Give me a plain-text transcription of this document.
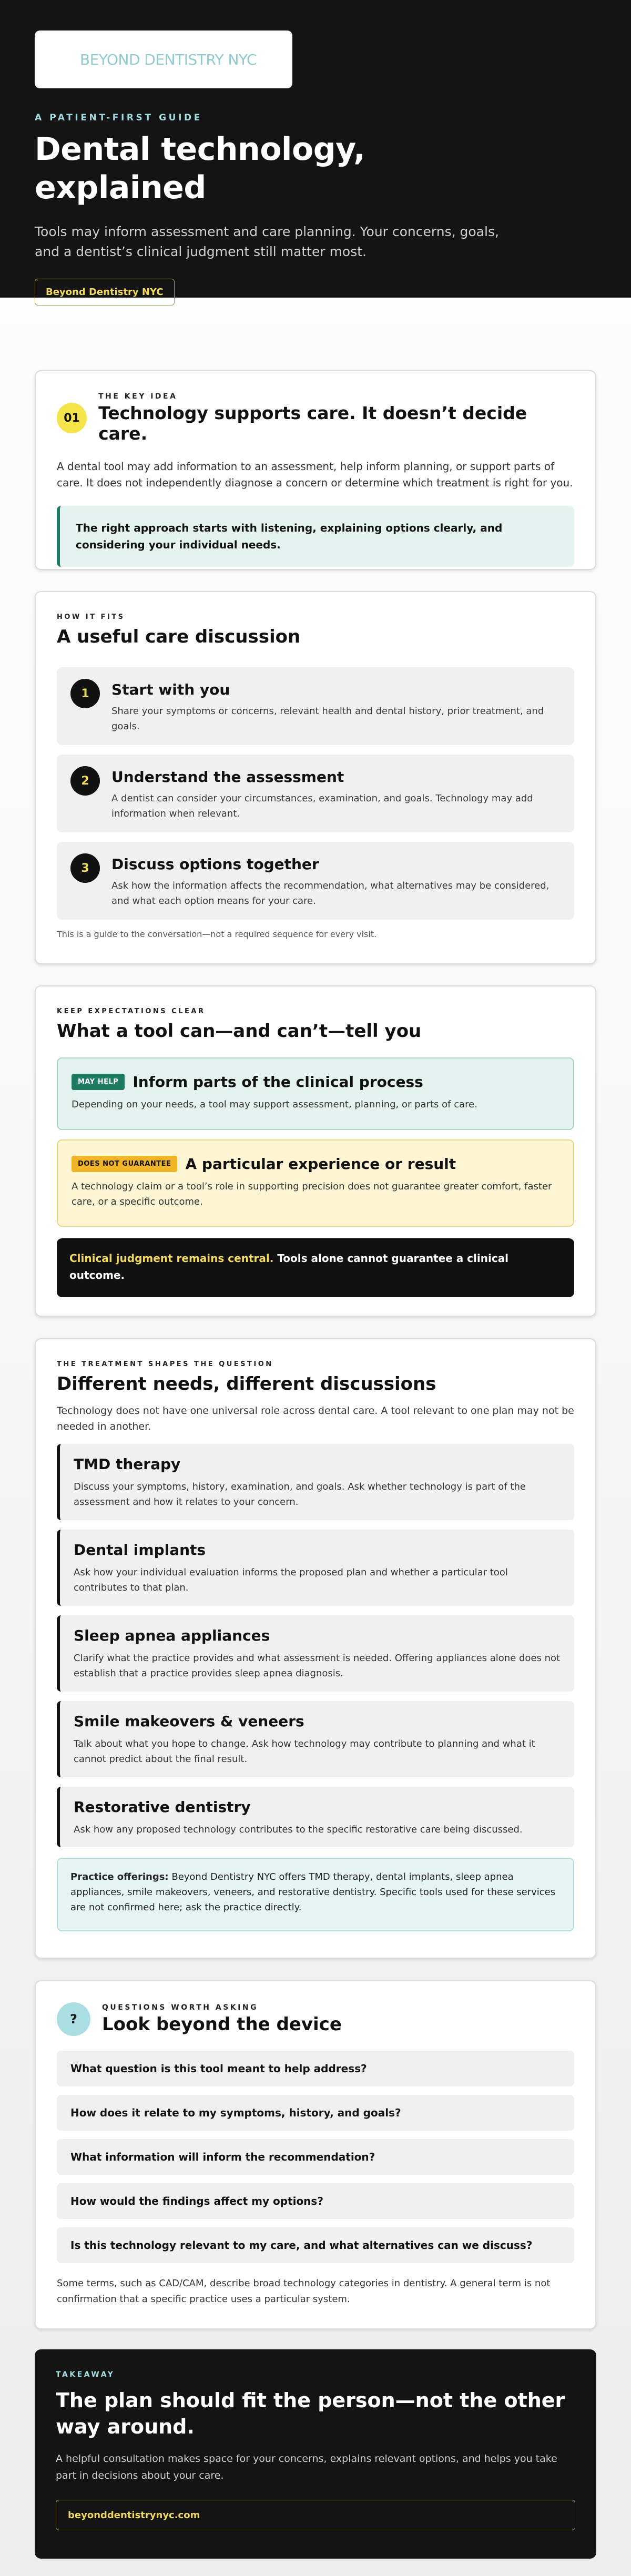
BEYOND DENTISTRY NYC
A PATIENT-FIRST GUIDE
Dental technology,
explained

Tools may inform assessment and care planning. Your concerns, goals, and a dentist’s clinical judgment still matter most.

Beyond Dentistry NYC
01
THE KEY IDEA
Technology supports care. It doesn’t decide care.

A dental tool may add information to an assessment, help inform planning, or support parts of care. It does not independently diagnose a concern or determine which treatment is right for you.

The right approach starts with listening, explaining options clearly, and considering your individual needs.
HOW IT FITS
A useful care discussion
1	Start with you
Share your symptoms or concerns, relevant health and dental history, prior treatment, and goals.
2	Understand the assessment
A dentist can consider your circumstances, examination, and goals. Technology may add information when relevant.
3	Discuss options together
Ask how the information affects the recommendation, what alternatives may be considered, and what each option means for your care.

This is a guide to the conversation—not a required sequence for every visit.

KEEP EXPECTATIONS CLEAR
What a tool can—and can’t—tell you
MAY HELP Inform parts of the clinical process
Depending on your needs, a tool may support assessment, planning, or parts of care.
DOES NOT GUARANTEE A particular experience or result
A technology claim or a tool’s role in supporting precision does not guarantee greater comfort, faster care, or a specific outcome.
Clinical judgment remains central. Tools alone cannot guarantee a clinical outcome.
THE TREATMENT SHAPES THE QUESTION
Different needs, different discussions

Technology does not have one universal role across dental care. A tool relevant to one plan may not be needed in another.

TMD therapy
Discuss your symptoms, history, examination, and goals. Ask whether technology is part of the assessment and how it relates to your concern.
Dental implants
Ask how your individual evaluation informs the proposed plan and whether a particular tool contributes to that plan.
Sleep apnea appliances
Clarify what the practice provides and what assessment is needed. Offering appliances alone does not establish that a practice provides sleep apnea diagnosis.
Smile makeovers & veneers
Talk about what you hope to change. Ask how technology may contribute to planning and what it cannot predict about the final result.
Restorative dentistry
Ask how any proposed technology contributes to the specific restorative care being discussed.
Practice offerings: Beyond Dentistry NYC offers TMD therapy, dental implants, sleep apnea appliances, smile makeovers, veneers, and restorative dentistry. Specific tools used for these services are not confirmed here; ask the practice directly.
?
QUESTIONS WORTH ASKING
Look beyond the device
What question is this tool meant to help address?
How does it relate to my symptoms, history, and goals?
What information will inform the recommendation?
How would the findings affect my options?
Is this technology relevant to my care, and what alternatives can we discuss?

Some terms, such as CAD/CAM, describe broad technology categories in dentistry. A general term is not confirmation that a specific practice uses a particular system.

TAKEAWAY
The plan should fit the person—not the other way around.

A helpful consultation makes space for your concerns, explains relevant options, and helps you take part in decisions about your care.

beyonddentistrynyc.com
